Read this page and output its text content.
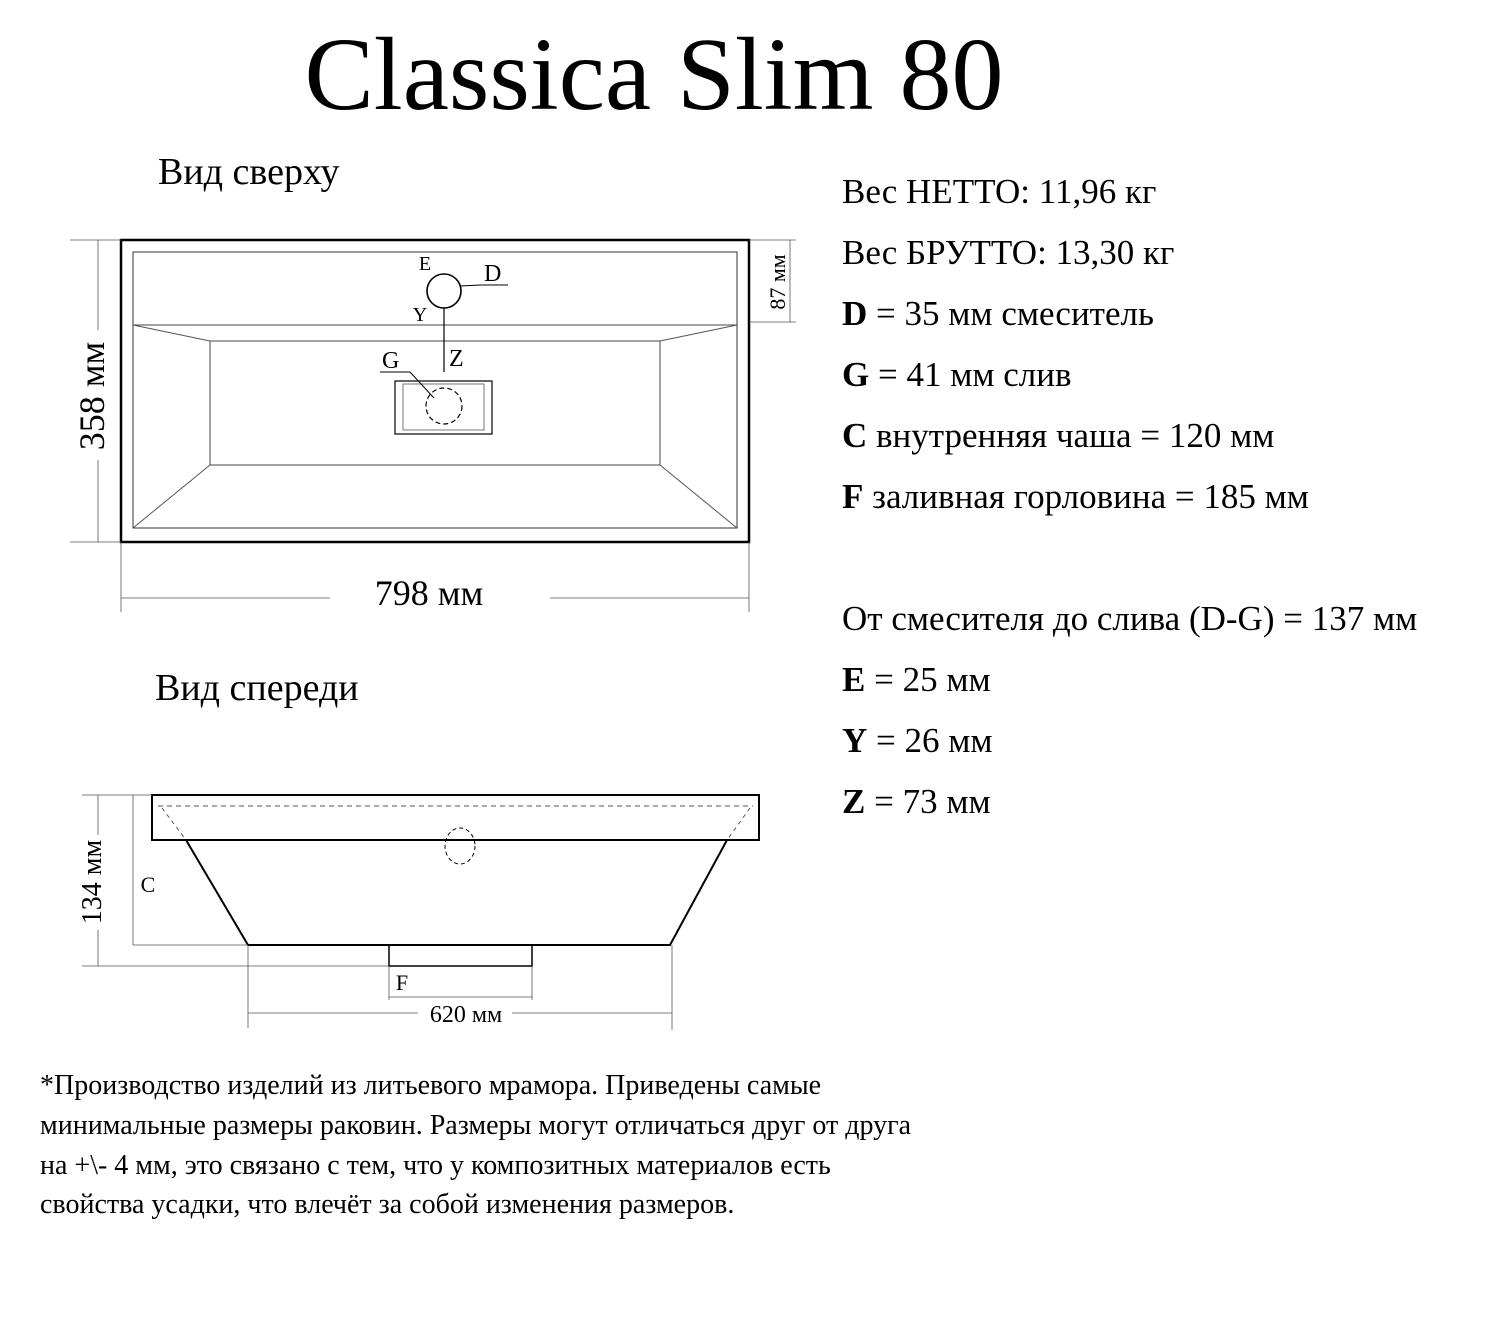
Classica Slim 80
Вид сверху
Вид спереди
E D
Y
G Z
358 мм
798 мм
87 мм
C
F
134 мм
620 мм
Вес НЕТТО: 11,96 кг
Вес БРУТТО: 13,30 кг
D = 35 мм смеситель
G = 41 мм слив
C внутренняя чаша = 120 мм
F заливная горловина = 185 мм
От смесителя до слива (D-G) = 137 мм
E = 25 мм
Y = 26 мм
Z = 73 мм
*Производство изделий из литьевого мрамора. Приведены самые минимальные размеры раковин. Размеры могут отличаться друг от друга на +\- 4 мм, это связано с тем, что у композитных материалов есть свойства усадки, что влечёт за собой изменения размеров.
